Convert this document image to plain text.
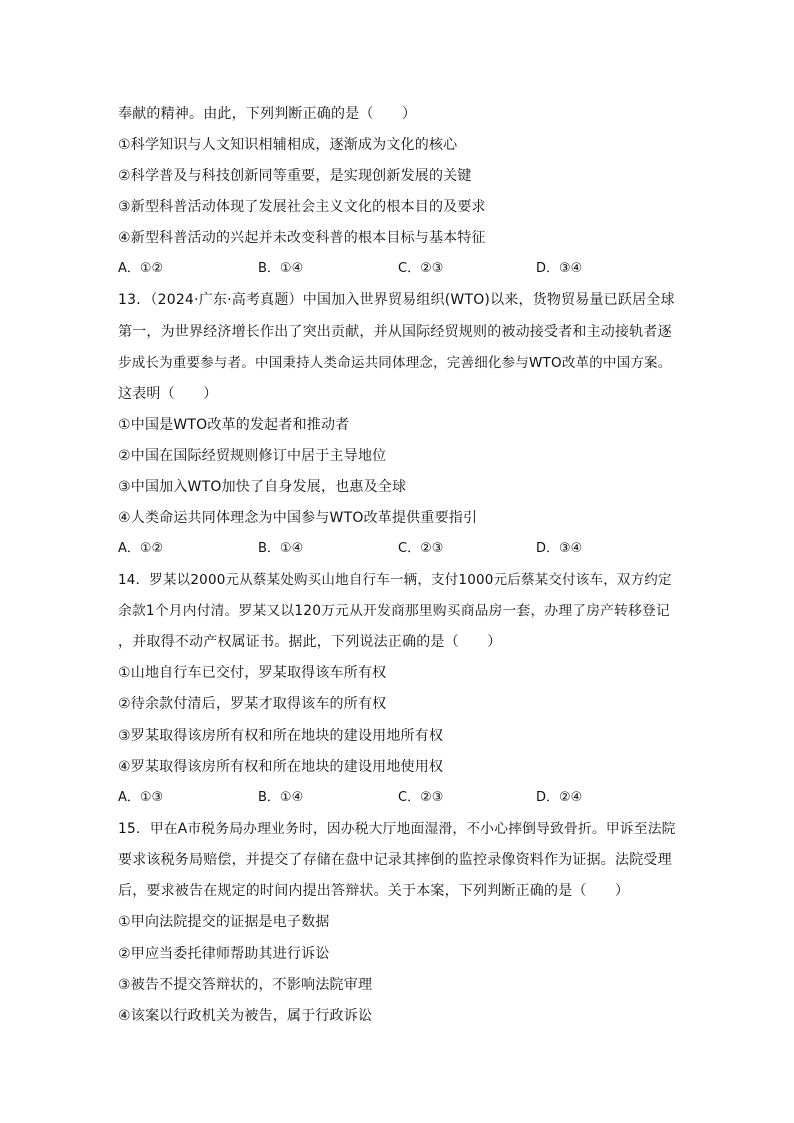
奉献的精神。由此，下列判断正确的是（　　）
①科学知识与人文知识相辅相成，逐渐成为文化的核心
②科学普及与科技创新同等重要，是实现创新发展的关键
③新型科普活动体现了发展社会主义文化的根本目的及要求
④新型科普活动的兴起并未改变科普的根本目标与基本特征
A．①②	B．①④	C．②③	D．③④
13．（2024·广东·高考真题）中国加入世界贸易组织(WTO)以来，货物贸易量已跃居全球
第一，为世界经济增长作出了突出贡献，并从国际经贸规则的被动接受者和主动接轨者逐
步成长为重要参与者。中国秉持人类命运共同体理念，完善细化参与WTO改革的中国方案。
这表明（　　）
①中国是WTO改革的发起者和推动者
②中国在国际经贸规则修订中居于主导地位
③中国加入WTO加快了自身发展，也惠及全球
④人类命运共同体理念为中国参与WTO改革提供重要指引
A．①②	B．①④	C．②③	D．③④
14．罗某以2000元从蔡某处购买山地自行车一辆，支付1000元后蔡某交付该车，双方约定
余款1个月内付清。罗某又以120万元从开发商那里购买商品房一套，办理了房产转移登记
，并取得不动产权属证书。据此，下列说法正确的是（　　）
①山地自行车已交付，罗某取得该车所有权
②待余款付清后，罗某才取得该车的所有权
③罗某取得该房所有权和所在地块的建设用地所有权
④罗某取得该房所有权和所在地块的建设用地使用权
A．①③	B．①④	C．②③	D．②④
15．甲在A市税务局办理业务时，因办税大厅地面湿滑，不小心摔倒导致骨折。甲诉至法院
要求该税务局赔偿，并提交了存储在盘中记录其摔倒的监控录像资料作为证据。法院受理
后，要求被告在规定的时间内提出答辩状。关于本案，下列判断正确的是（　　）
①甲向法院提交的证据是电子数据
②甲应当委托律师帮助其进行诉讼
③被告不提交答辩状的，不影响法院审理
④该案以行政机关为被告，属于行政诉讼
